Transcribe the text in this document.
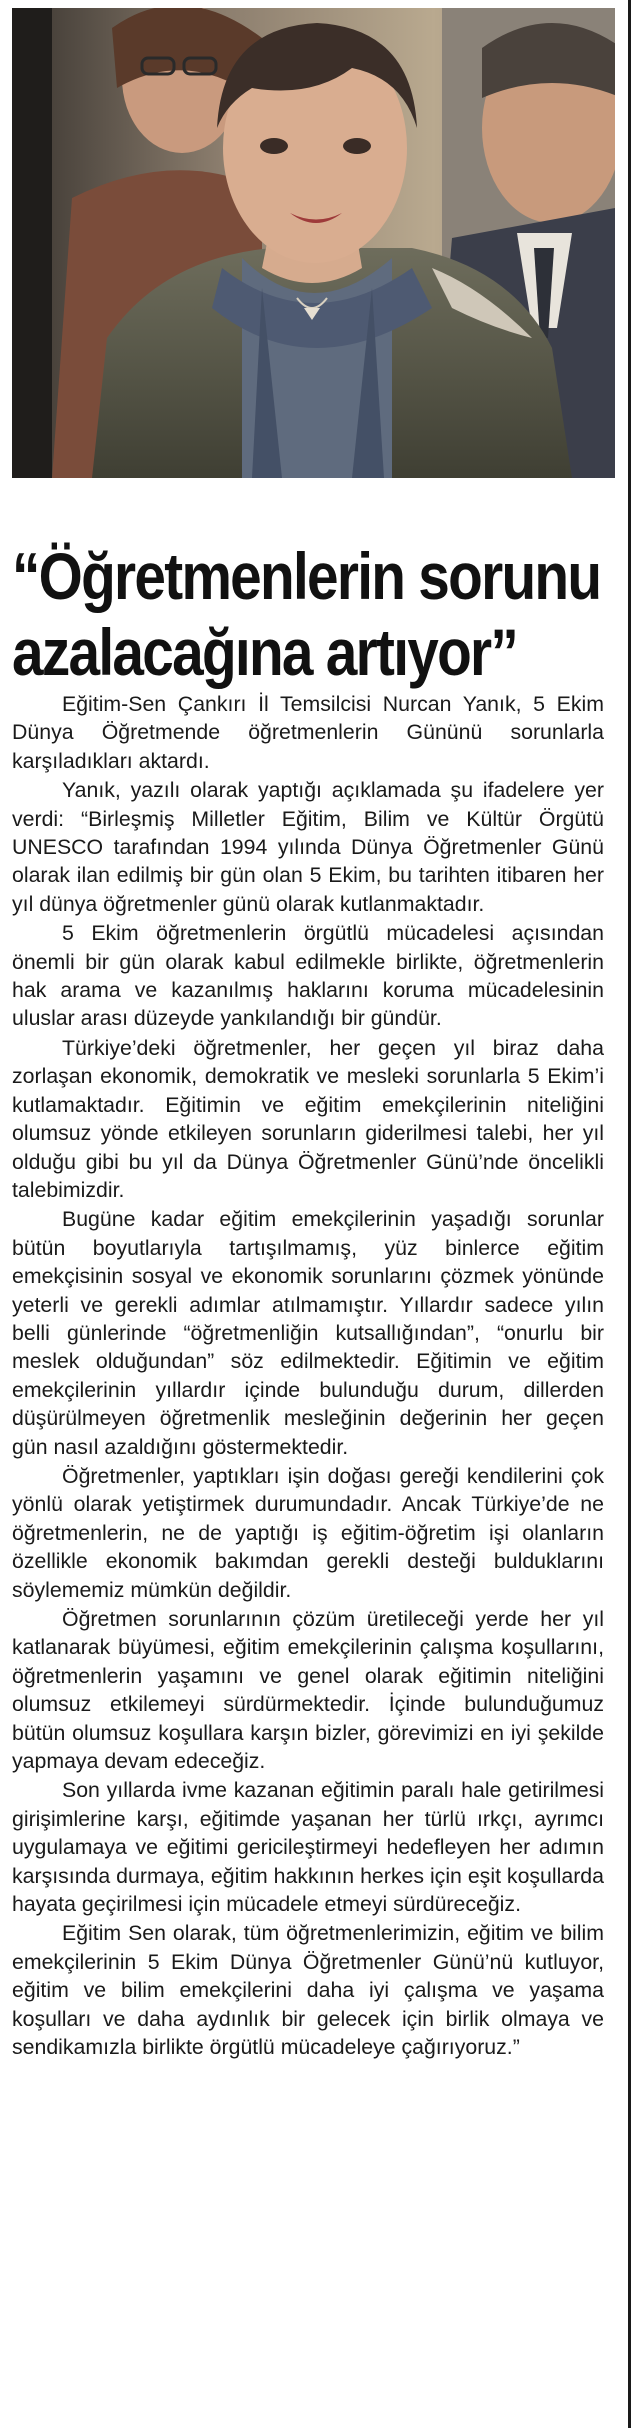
“Öğretmenlerin sorunu
azalacağına artıyor”

Eğitim-Sen Çankırı İl Temsilcisi Nurcan Yanık, 5 Ekim Dünya Öğretmende öğretmenlerin Gününü sorunlarla karşıladıkları aktardı.

Yanık, yazılı olarak yaptığı açıklamada şu ifadelere yer verdi: “Birleşmiş Milletler Eğitim, Bilim ve Kültür Örgütü UNESCO tarafından 1994 yılında Dünya Öğretmenler Günü olarak ilan edilmiş bir gün olan 5 Ekim, bu tarihten itibaren her yıl dünya öğretmenler günü olarak kutlanmaktadır.

5 Ekim öğretmenlerin örgütlü mücadelesi açısından önemli bir gün olarak kabul edilmekle birlikte, öğretmenlerin hak arama ve kazanılmış haklarını koruma mücadelesinin uluslar arası düzeyde yankılandığı bir gündür.

Türkiye’deki öğretmenler, her geçen yıl biraz daha zorlaşan ekonomik, demokratik ve mesleki sorunlarla 5 Ekim’i kutlamaktadır. Eğitimin ve eğitim emekçilerinin niteliğini olumsuz yönde etkileyen sorunların giderilmesi talebi, her yıl olduğu gibi bu yıl da Dünya Öğretmenler Günü’nde öncelikli talebimizdir.

Bugüne kadar eğitim emekçilerinin yaşadığı sorunlar bütün boyutlarıyla tartışılmamış, yüz binlerce eğitim emekçisinin sosyal ve ekonomik sorunlarını çözmek yönünde yeterli ve gerekli adımlar atılmamıştır. Yıllardır sadece yılın belli günlerinde “öğretmenliğin kutsallığından”, “onurlu bir meslek olduğundan” söz edilmektedir. Eğitimin ve eğitim emekçilerinin yıllardır içinde bulunduğu durum, dillerden düşürülmeyen öğretmenlik mesleğinin değerinin her geçen gün nasıl azaldığını göstermektedir.

Öğretmenler, yaptıkları işin doğası gereği kendilerini çok yönlü olarak yetiştirmek durumundadır. Ancak Türkiye’de ne öğretmenlerin, ne de yaptığı iş eğitim-öğretim işi olanların özellikle ekonomik bakımdan gerekli desteği bulduklarını söylememiz mümkün değildir.

Öğretmen sorunlarının çözüm üretileceği yerde her yıl katlanarak büyümesi, eğitim emekçilerinin çalışma koşullarını, öğretmenlerin yaşamını ve genel olarak eğitimin niteliğini olumsuz etkilemeyi sürdürmektedir. İçinde bulunduğumuz bütün olumsuz koşullara karşın bizler, görevimizi en iyi şekilde yapmaya devam edeceğiz.

Son yıllarda ivme kazanan eğitimin paralı hale getirilmesi girişimlerine karşı, eğitimde yaşanan her türlü ırkçı, ayrımcı uygulamaya ve eğitimi gericileştirmeyi hedefleyen her adımın karşısında durmaya, eğitim hakkının herkes için eşit koşullarda hayata geçirilmesi için mücadele etmeyi sürdüreceğiz.

Eğitim Sen olarak, tüm öğretmenlerimizin, eğitim ve bilim emekçilerinin 5 Ekim Dünya Öğretmenler Günü’nü kutluyor, eğitim ve bilim emekçilerini daha iyi çalışma ve yaşama koşulları ve daha aydınlık bir gelecek için birlik olmaya ve sendikamızla birlikte örgütlü mücadeleye çağırıyoruz.”
